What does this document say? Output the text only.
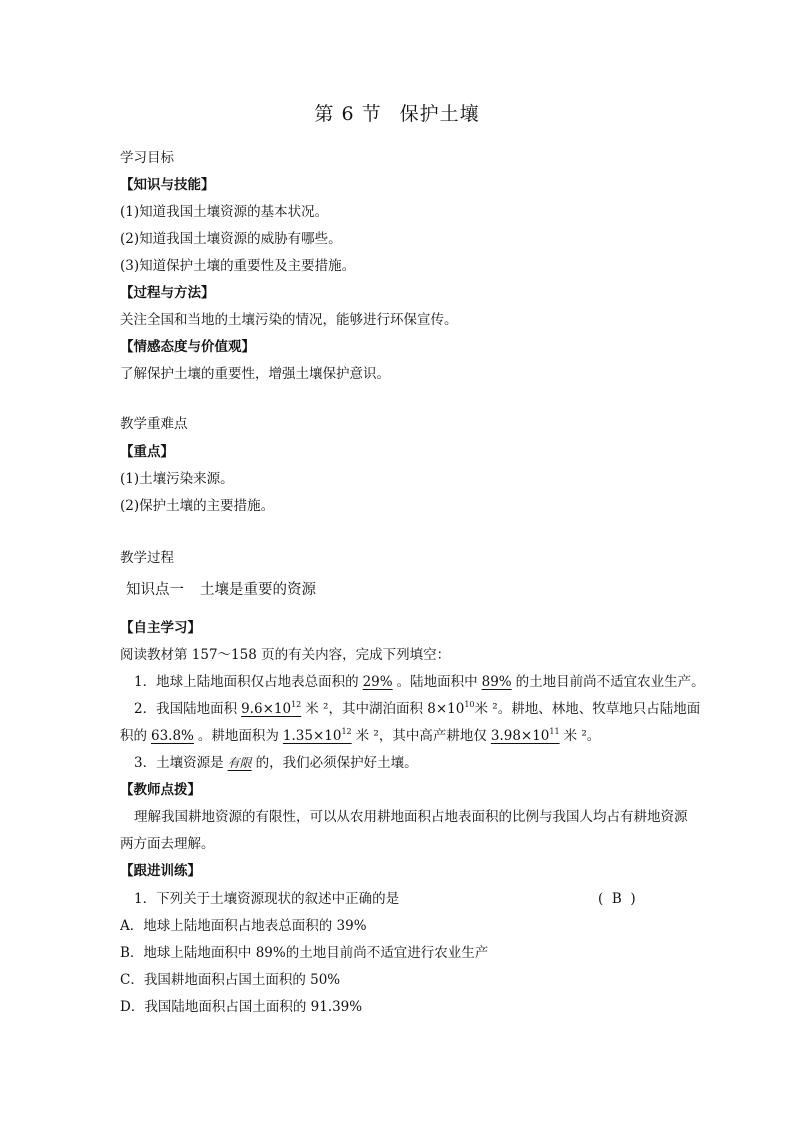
第 6 节 保护土壤
学习目标
【知识与技能】
(1)知道我国土壤资源的基本状况。
(2)知道我国土壤资源的威胁有哪些。
(3)知道保护土壤的重要性及主要措施。
【过程与方法】
关注全国和当地的土壤污染的情况，能够进行环保宣传。
【情感态度与价值观】
了解保护土壤的重要性，增强土壤保护意识。
教学重难点
【重点】
(1)土壤污染来源。
(2)保护土壤的主要措施。
教学过程
知识点一 土壤是重要的资源
【自主学习】
阅读教材第 157～158 页的有关内容，完成下列填空：
1．地球上陆地面积仅占地表总面积的 29% 。陆地面积中 89% 的土地目前尚不适宜农业生产。
2．我国陆地面积 $9.6\times 10^{12}$ 米 ²，其中湖泊面积 $8\times 10^{10}$米 ²。耕地、林地、牧草地只占陆地面
积的 63.8% 。耕地面积为 $1.35\times 10^{12}$ 米 ²，其中高产耕地仅 $3.98\times 10^{11}$ 米 ²。
3．土壤资源是 有限 的，我们必须保护好土壤。
【教师点拨】
理解我国耕地资源的有限性，可以从农用耕地面积占地表面积的比例与我国人均占有耕地资源
两方面去理解。
【跟进训练】
1．下列关于土壤资源现状的叙述中正确的是	(  B  )
A．地球上陆地面积占地表总面积的 39%
B．地球上陆地面积中 89%的土地目前尚不适宜进行农业生产
C．我国耕地面积占国土面积的 50%
D．我国陆地面积占国土面积的 91.39%
